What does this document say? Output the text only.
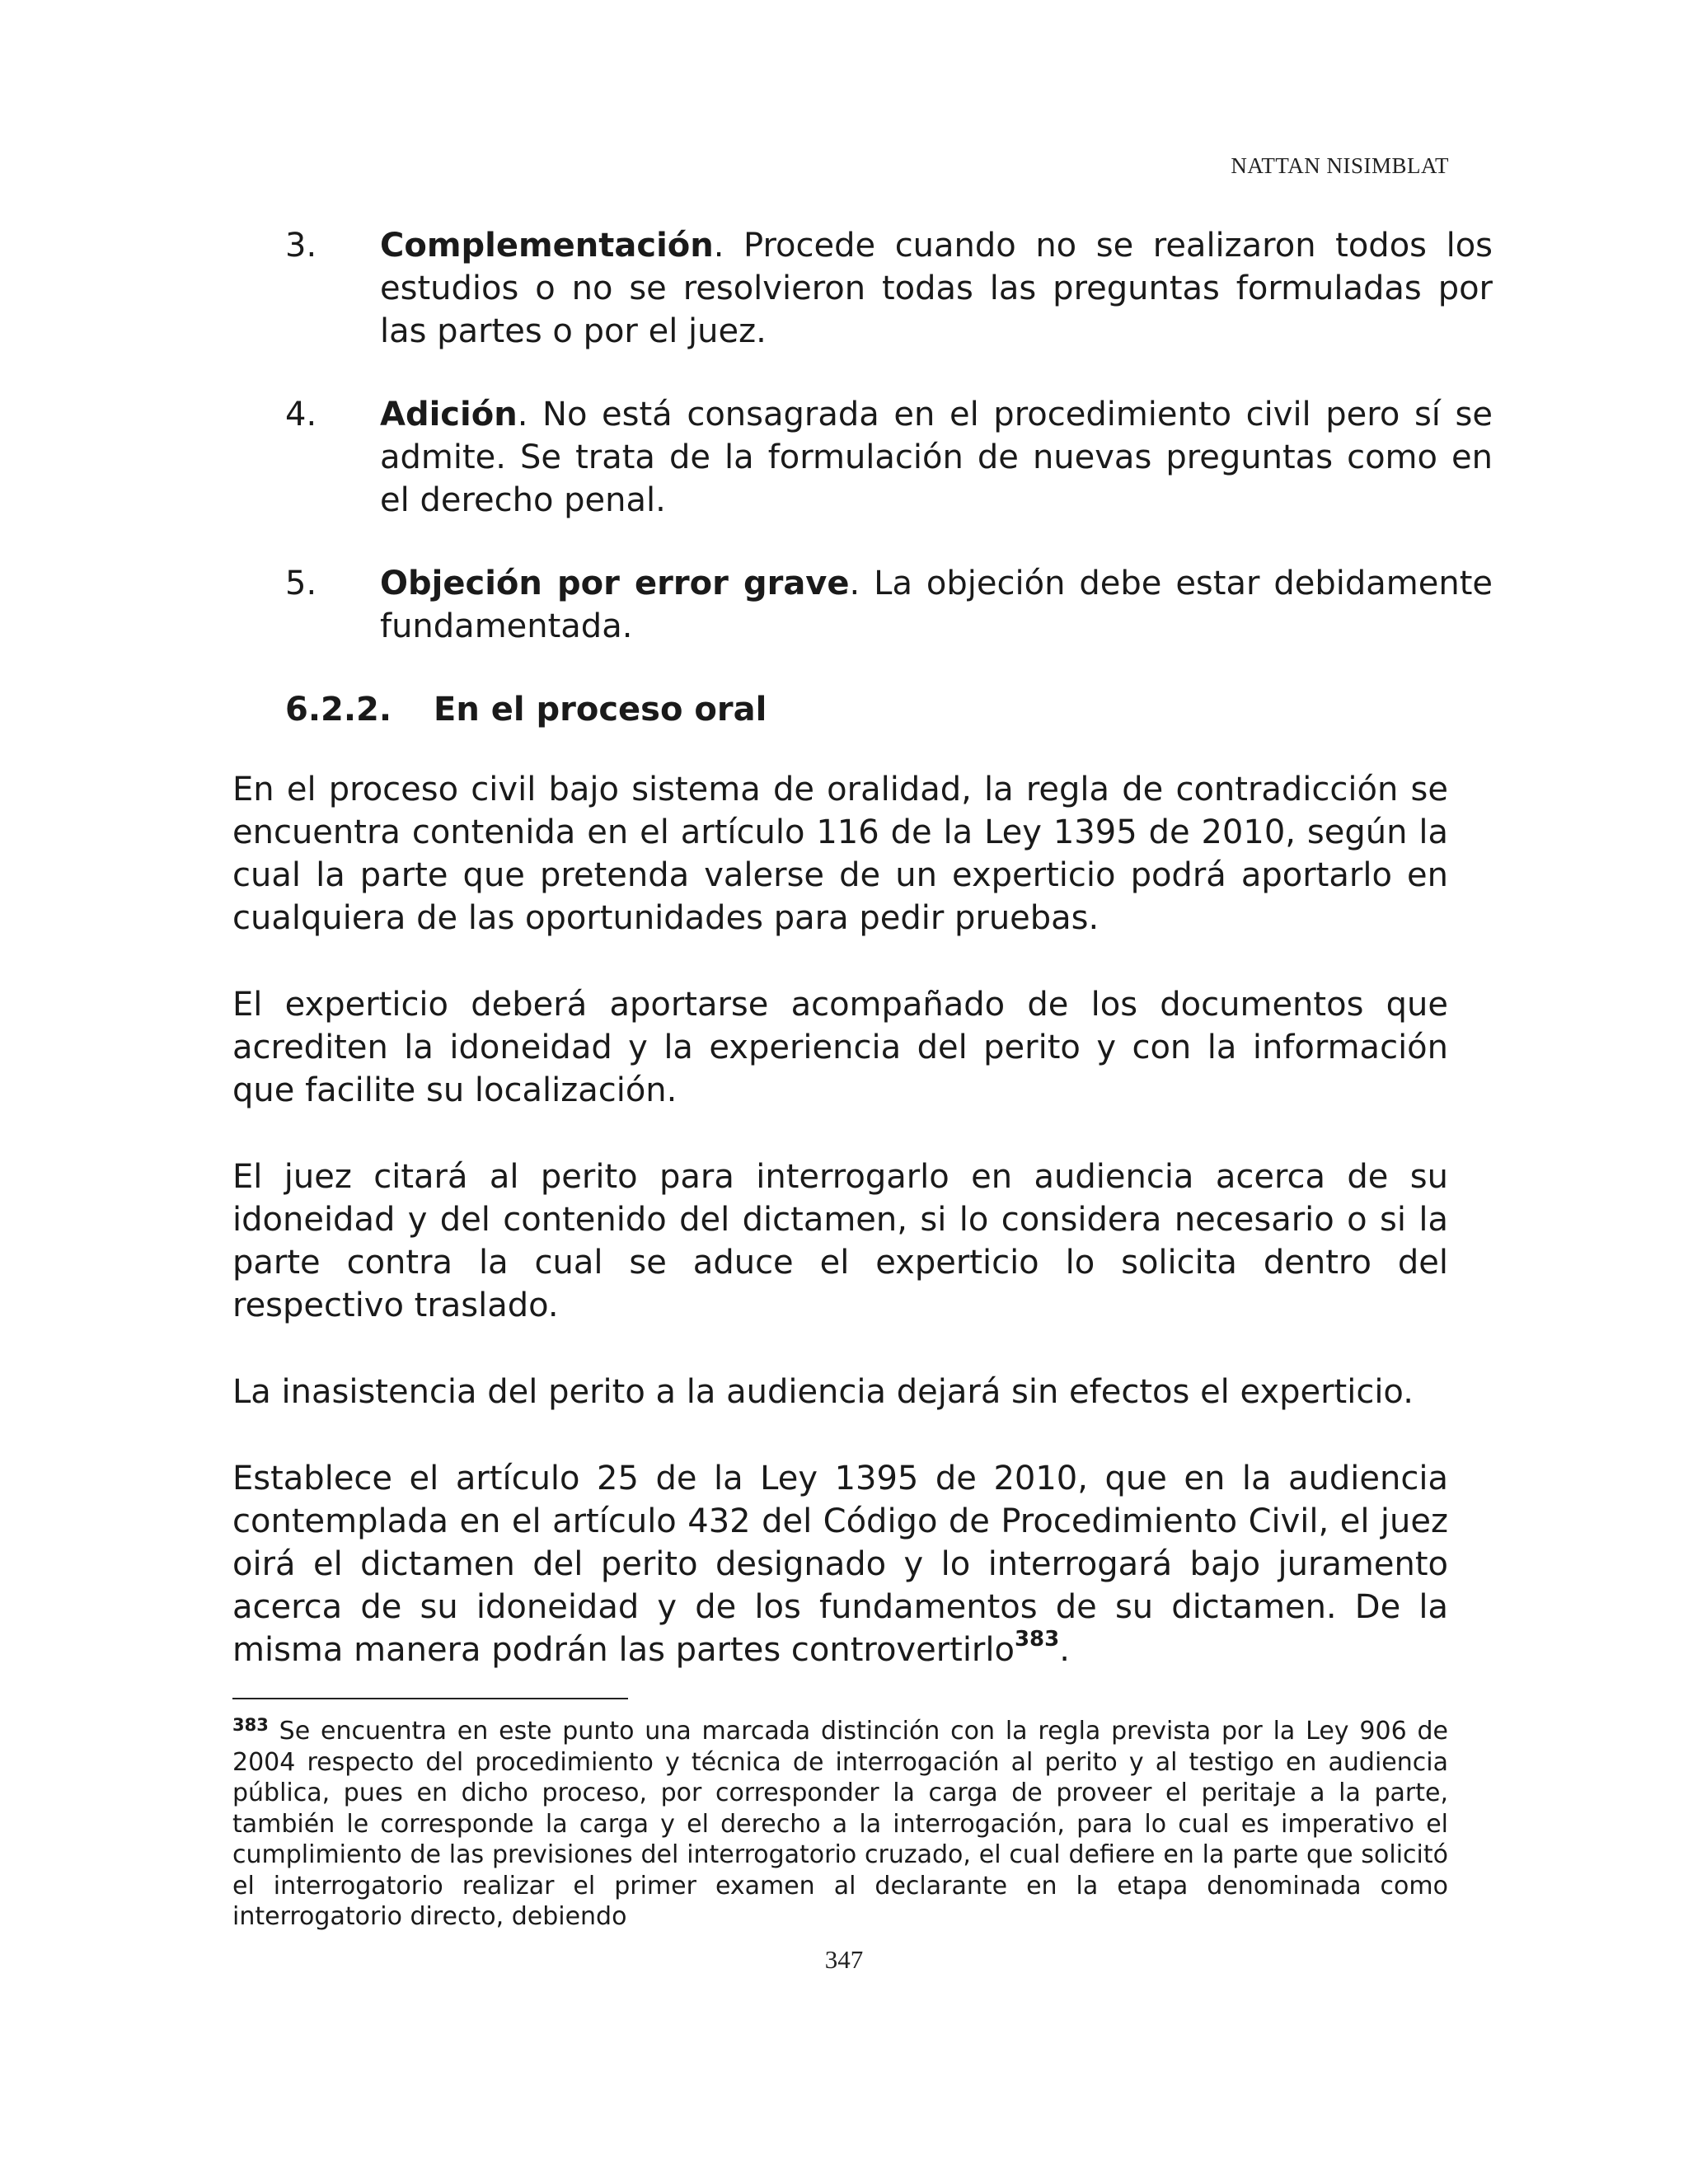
NATTAN NISIMBLAT
3. Complementación. Procede cuando no se realizaron todos los estudios o no se resolvieron todas las preguntas formuladas por las partes o por el juez.
4. Adición. No está consagrada en el procedimiento civil pero sí se admite. Se trata de la formulación de nuevas preguntas como en el derecho penal.
5. Objeción por error grave. La objeción debe estar debidamente fundamentada.
6.2.2. En el proceso oral

En el proceso civil bajo sistema de oralidad, la regla de contradicción se encuentra contenida en el artículo 116 de la Ley 1395 de 2010, según la cual la parte que pretenda valerse de un experticio podrá aportarlo en cualquiera de las oportunidades para pedir pruebas.

El experticio deberá aportarse acompañado de los documentos que acrediten la idoneidad y la experiencia del perito y con la información que facilite su localización.

El juez citará al perito para interrogarlo en audiencia acerca de su idoneidad y del contenido del dictamen, si lo considera necesario o si la parte contra la cual se aduce el experticio lo solicita dentro del respectivo traslado.

La inasistencia del perito a la audiencia dejará sin efectos el experticio.

Establece el artículo 25 de la Ley 1395 de 2010, que en la audiencia contemplada en el artículo 432 del Código de Procedimiento Civil, el juez oirá el dictamen del perito designado y lo interrogará bajo juramento acerca de su idoneidad y de los fundamentos de su dictamen. De la misma manera podrán las partes controvertirlo$^{383}$.

$^{383}$ Se encuentra en este punto una marcada distinción con la regla prevista por la Ley 906 de 2004 respecto del procedimiento y técnica de interrogación al perito y al testigo en audiencia pública, pues en dicho proceso, por corresponder la carga de proveer el peritaje a la parte, también le corresponde la carga y el derecho a la interrogación, para lo cual es imperativo el cumplimiento de las previsiones del interrogatorio cruzado, el cual defiere en la parte que solicitó el interrogatorio realizar el primer examen al declarante en la etapa denominada como interrogatorio directo, debiendo
347
